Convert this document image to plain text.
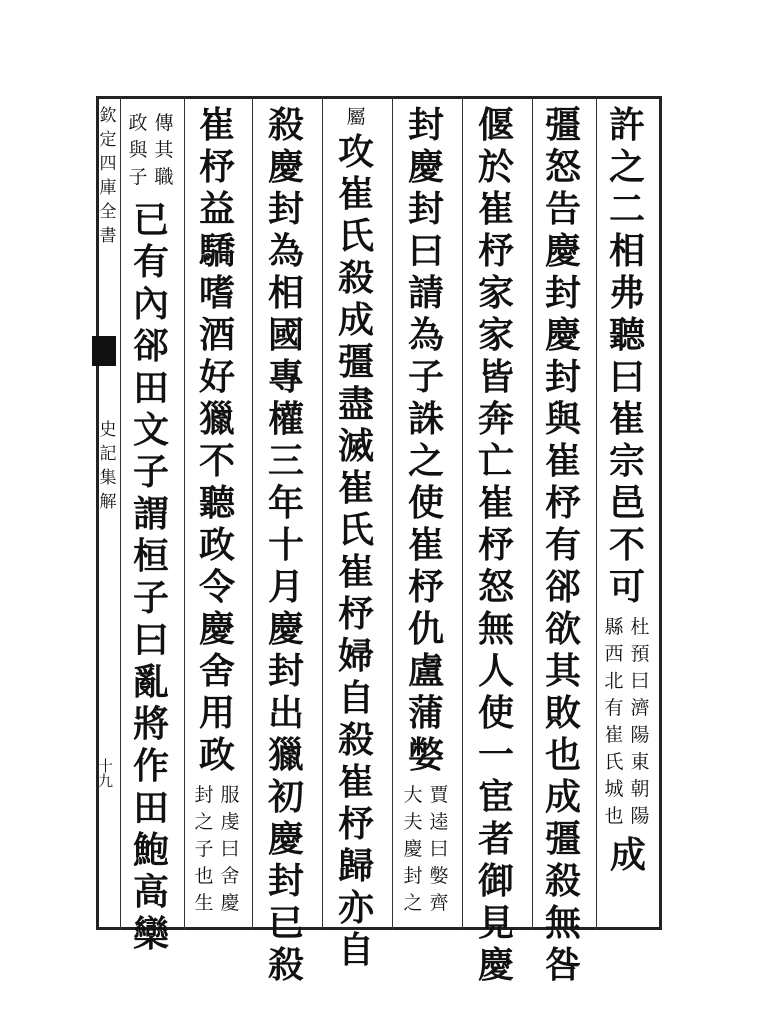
欽
定
四
庫
全
書
史
記
集
解
十九
許
之
二
相
弗
聽
曰
崔
宗
邑
不
可
杜
預
曰
濟
陽
東
朝
陽
縣
西
北
有
崔
氏
城
也
成
彊
怒
告
慶
封
慶
封
與
崔
杼
有
郤
欲
其
敗
也
成
彊
殺
無
咎
偃
於
崔
杼
家
家
皆
奔
亡
崔
杼
怒
無
人
使
一
宦
者
御
見
慶
封
慶
封
曰
請
為
子
誅
之
使
崔
杼
仇
盧
蒲
嫳
賈
逵
曰
嫳
齊
大
夫
慶
封
之
屬
攻
崔
氏
殺
成
彊
盡
滅
崔
氏
崔
杼
婦
自
殺
崔
杼
歸
亦
自
殺
慶
封
為
相
國
專
權
三
年
十
月
慶
封
出
獵
初
慶
封
已
殺
崔
杼
益
驕
嗜
酒
好
獵
不
聽
政
令
慶
舍
用
政
服
虔
曰
舍
慶
封
之
子
也
生
傳
其
職
政
與
子
已
有
內
郤
田
文
子
謂
桓
子
曰
亂
將
作
田
鮑
高
欒
